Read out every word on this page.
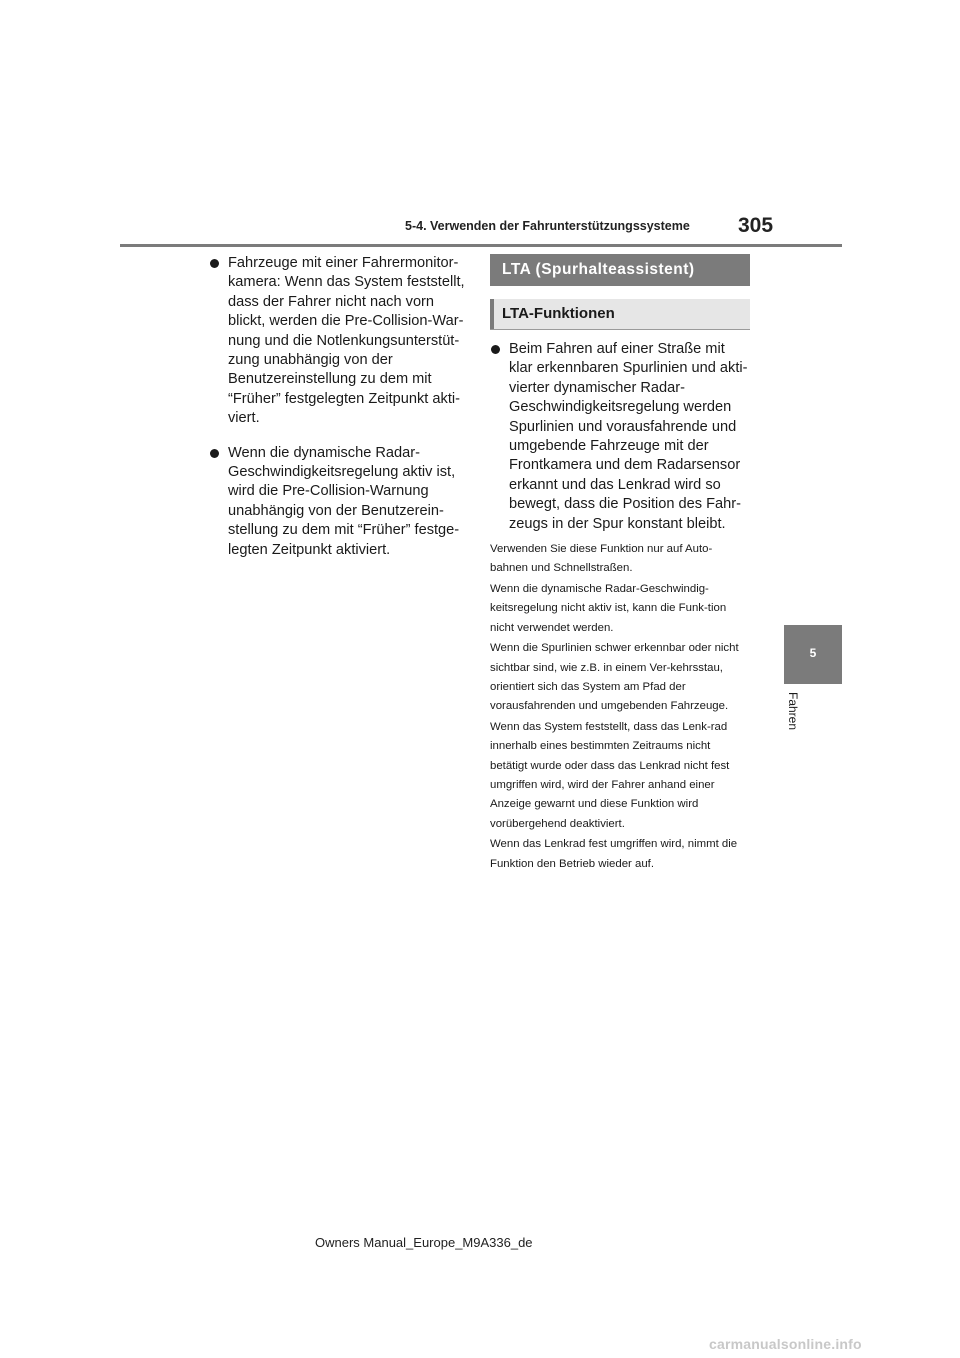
5-4. Verwenden der Fahrunterstützungssysteme 305
Fahrzeuge mit einer Fahrermonitor-kamera: Wenn das System feststellt, dass der Fahrer nicht nach vorn blickt, werden die Pre-Collision-War-nung und die Notlenkungsunterstüt-zung unabhängig von der Benutzereinstellung zu dem mit “Früher” festgelegten Zeitpunkt akti-viert.
Wenn die dynamische Radar-Geschwindigkeitsregelung aktiv ist, wird die Pre-Collision-Warnung unabhängig von der Benutzerein-stellung zu dem mit “Früher” festge-legten Zeitpunkt aktiviert.
LTA (Spurhalteassistent)
LTA-Funktionen
Beim Fahren auf einer Straße mit klar erkennbaren Spurlinien und akti-vierter dynamischer Radar-Geschwindigkeitsregelung werden Spurlinien und vorausfahrende und umgebende Fahrzeuge mit der Frontkamera und dem Radarsensor erkannt und das Lenkrad wird so bewegt, dass die Position des Fahr-zeugs in der Spur konstant bleibt.

Verwenden Sie diese Funktion nur auf Auto-bahnen und Schnellstraßen.

Wenn die dynamische Radar-Geschwindig-keitsregelung nicht aktiv ist, kann die Funk-tion nicht verwendet werden.

Wenn die Spurlinien schwer erkennbar oder nicht sichtbar sind, wie z.B. in einem Ver-kehrsstau, orientiert sich das System am Pfad der vorausfahrenden und umgebenden Fahrzeuge.

Wenn das System feststellt, dass das Lenk-rad innerhalb eines bestimmten Zeitraums nicht betätigt wurde oder dass das Lenkrad nicht fest umgriffen wird, wird der Fahrer anhand einer Anzeige gewarnt und diese Funktion wird vorübergehend deaktiviert.

Wenn das Lenkrad fest umgriffen wird, nimmt die Funktion den Betrieb wieder auf.

5
Fahren
Owners Manual_Europe_M9A336_de
carmanualsonline.info
